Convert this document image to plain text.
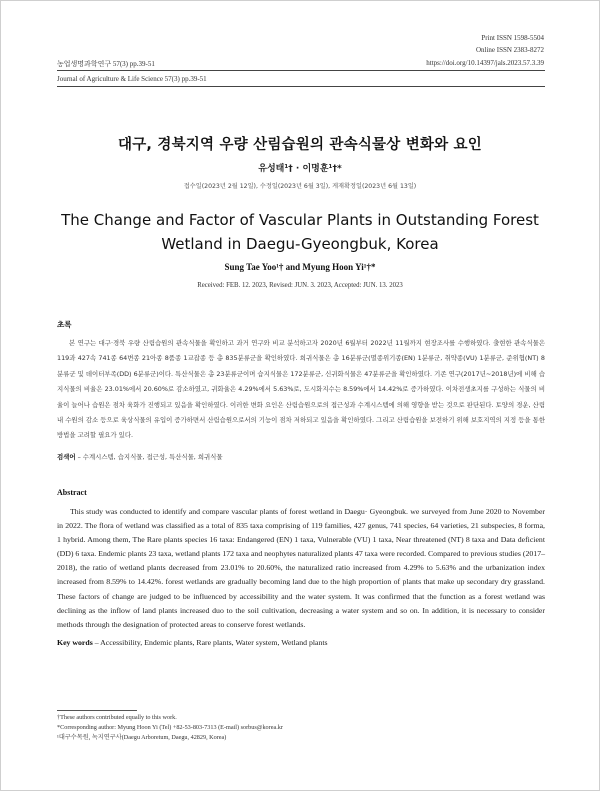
Print ISSN 1598-5504
Online ISSN 2383-8272
농업생명과학연구 57(3) pp.39-51	https://doi.org/10.14397/jals.2023.57.3.39
Journal of Agriculture & Life Science 57(3) pp.39-51
대구, 경북지역 우량 산림습원의 관속식물상 변화와 요인
유성태¹† · 이명훈¹†*
접수일(2023년 2월 12일), 수정일(2023년 6월 3일), 게재확정일(2023년 6월 13일)
The Change and Factor of Vascular Plants in Outstanding Forest Wetland in Daegu-Gyeongbuk, Korea
Sung Tae Yoo¹† and Myung Hoon Yi¹†*
Received: FEB. 12. 2023, Revised: JUN. 3. 2023, Accepted: JUN. 13. 2023
초록

본 연구는 대구·경북 우량 산림습원의 관속식물을 확인하고 과거 연구와 비교 분석하고자 2020년 6월부터 2022년 11월까지 현장조사를 수행하였다. 출현한 관속식물은 119과 427속 741종 64변종 21아종 8품종 1교잡종 등 총 835분류군을 확인하였다. 희귀식물은 총 16분류군(멸종위기종(EN) 1분류군, 취약종(VU) 1분류군, 준위협(NT) 8분류군 및 데이터부족(DD) 6분류군)이다. 특산식물은 총 23분류군이며 습지식물은 172분류군, 신귀화식물은 47분류군을 확인하였다. 기존 연구(2017년~2018년)에 비해 습지식물의 비율은 23.01%에서 20.60%로 감소하였고, 귀화율은 4.29%에서 5.63%로, 도시화지수는 8.59%에서 14.42%로 증가하였다. 이차전생초지를 구성하는 식물의 비율이 늘어나 습원은 점차 육화가 진행되고 있음을 확인하였다. 이러한 변화 요인은 산림습원으로의 접근성과 수계시스템에 의해 영향을 받는 것으로 판단된다. 토양의 경운, 산림 내 수원의 감소 등으로 육상식물의 유입이 증가하면서 산림습원으로서의 기능이 점차 저하되고 있음을 확인하였다. 그리고 산림습원을 보전하기 위해 보호지역의 지정 등을 통한 방법을 고려할 필요가 있다.

검색어 – 수계시스템, 습지식물, 접근성, 특산식물, 희귀식물
Abstract

This study was conducted to identify and compare vascular plants of forest wetland in Daegu· Gyeongbuk. we surveyed from June 2020 to November in 2022. The flora of wetland was classified as a total of 835 taxa comprising of 119 families, 427 genus, 741 species, 64 varieties, 21 subspecies, 8 forma, 1 hybrid. Among them, The Rare plants species 16 taxa: Endangered (EN) 1 taxa, Vulnerable (VU) 1 taxa, Near threatened (NT) 8 taxa and Data deficient (DD) 6 taxa. Endemic plants 23 taxa, wetland plants 172 taxa and neophytes naturalized plants 47 taxa were recorded. Compared to previous studies (2017–2018), the ratio of wetland plants decreased from 23.01% to 20.60%, the naturalized ratio increased from 4.29% to 5.63% and the urbanization index increased from 8.59% to 14.42%. forest wetlands are gradually becoming land due to the high proportion of plants that make up secondary dry grassland. These factors of change are judged to be influenced by accessibility and the water system. It was confirmed that the function as a forest wetland was declining as the inflow of land plants increased duo to the soil cultivation, decreasing a water system and so on. In addition, it is necessary to consider methods through the designation of protected areas to conserve forest wetlands.

Key words – Accessibility, Endemic plants, Rare plants, Water system, Wetland plants
†These authors contributed equally to this work.
*Corresponding author: Myung Hoon Yi (Tel) +82-53-803-7313 (E-mail) sorbus@korea.kr
¹대구수목원, 녹지연구사(Daegu Arboretum, Daegu, 42829, Korea)
